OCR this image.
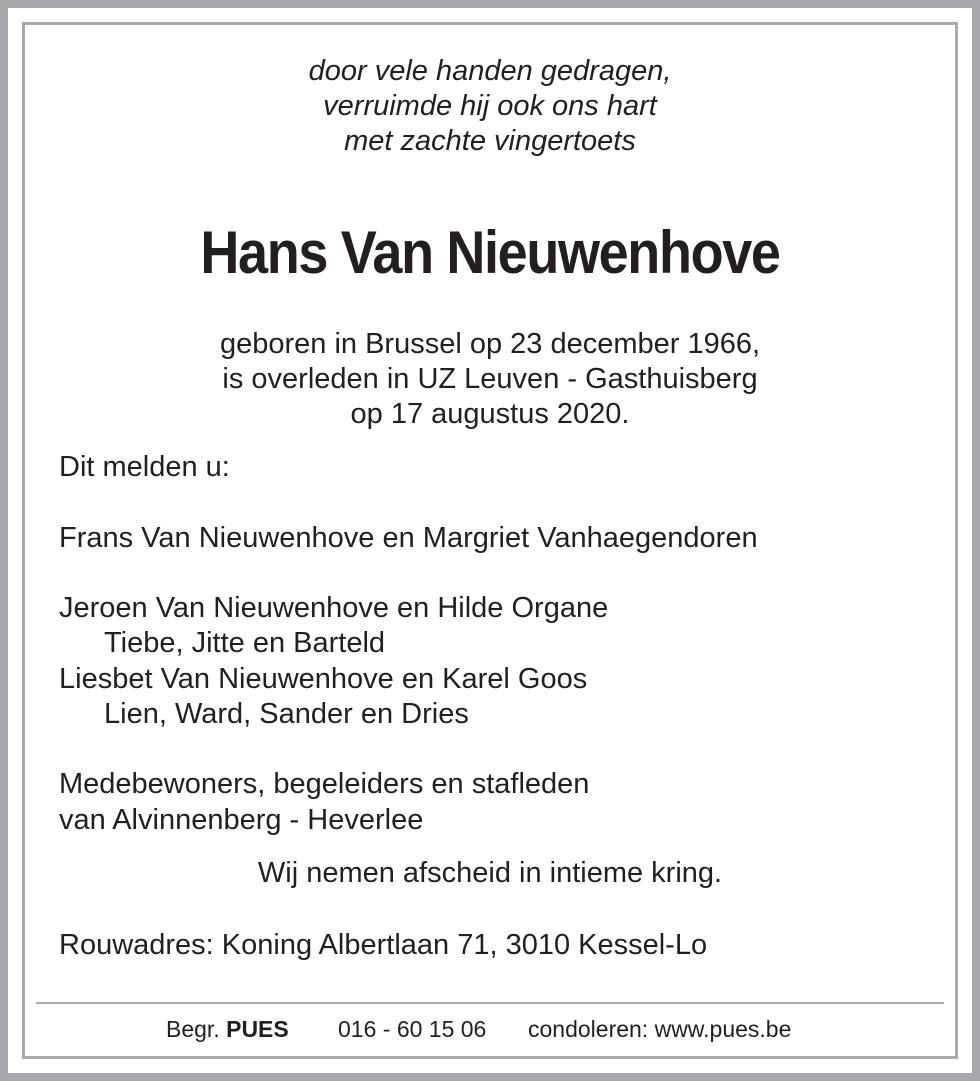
door vele handen gedragen,
verruimde hij ook ons hart
met zachte vingertoets
Hans Van Nieuwenhove
geboren in Brussel op 23 december 1966,
is overleden in UZ Leuven - Gasthuisberg
op 17 augustus 2020.
Dit melden u:
Frans Van Nieuwenhove en Margriet Vanhaegendoren
Jeroen Van Nieuwenhove en Hilde Organe
Tiebe, Jitte en Barteld
Liesbet Van Nieuwenhove en Karel Goos
Lien, Ward, Sander en Dries
Medebewoners, begeleiders en stafleden
van Alvinnenberg - Heverlee
Wij nemen afscheid in intieme kring.
Rouwadres: Koning Albertlaan 71, 3010 Kessel-Lo
Begr. PUES 016 - 60 15 06 condoleren: www.pues.be
